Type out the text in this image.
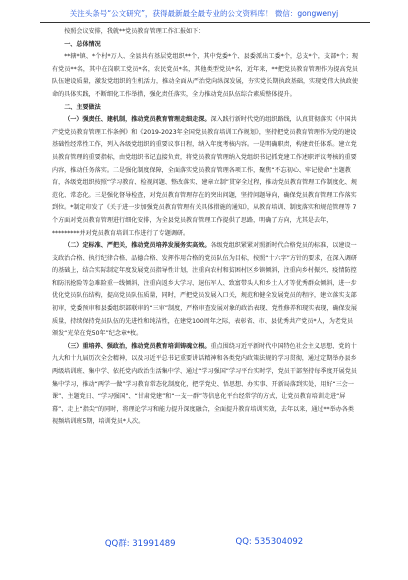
关注头条号“公文研究”，获得最新最全最专业的公文资料库！ 微信：gongwenyj

按照会议安排，我就**党员教育管理工作汇报如下：

一、总体情况

**辖*镇、*个村*万人、全县共有基层党组织**个，其中党委*个、县委派出工委*个，总支*个，支部*个；现有党员**名，其中在岗职工党员*名，农民党员*名，其他类型党员*名，近年来，**把党员教育管理作为提高党员队伍建设质量，激发党组织的生机活力，推动全面从严治党向纵深发展，夯实党长期执政基础，实现党伟大执政使命的具体实践，不断细化工作举措，强化责任落实，全力推动党员队伍综合素质整体提升。

二、主要做法

（一）强责任、建机制，推动党员教育管理走细走深。深入践行新时代党的组织路线，认真贯彻落实《中国共产党党员教育管理工作条例》和《2019-2023年全国党员教育培训工作规划》，坚持把党员教育管理作为党的建设基础性经常性工作，列入各级党组织的重要议事日程，纳入年度考核内容。一是明确职责，构建责任体系。建立党员教育管理的重要指标，由党组织书记直接负责，将党员教育管理纳入党组织书记抓党建工作述职评议考核的重要内容，推动任务落实。二是强化制度保障，全面落实党员教育管理各项工作，聚焦“不忘初心、牢记使命”主题教育，各级党组织按照“学习教育、检视问题、整改落实、建章立制”贯穿全过程，推动党员教育管理工作制度化、规范化、常态化。三是强化督导检查，对党员教育管理存在的突出问题，坚持问题导向，确保党员教育管理工作落实到位。*制定印发了《关于进一步加强党员教育管理有关具体措施的通知》，从教育培训、制度落实和规范管理等 7 个方面对党员教育管理进行细化安排，为全县党员教育管理工作提供了思路，明确了方向，尤其是去年，*********并对党员教育培训工作进行了专题调研。

（二）定标准、严把关，推动党员培养发展务实高效。各级党组织紧紧对照新时代合格党员的标准，以建设一支政治合格、执行纪律合格、品德合格、发挥作用合格的党员队伍为目标，按照“十六字”方针的要求，在深入调研的基础上，结合实际制定年度发展党员指导性计划，注重向农村和贫困村区乡镇倾斜，注重向乡村振兴、疫情防控和防汛抢险等急难险重一线倾斜，注重向返乡大学习、退伍军人、致富带头人和乡土人才等优秀群众倾斜，进一步优化党员队伍结构，提高党员队伍质量，同时，严把党员发展入口关，规范和健全发展党员的程序，建立落实支部初审，党委预审和县委组织部联审的“三审”制度，严格审查发展对象的政治表现、党性修养和现实表现，确保发展质量，持续保持党员队伍的先进性和纯洁性，在建党100周年之际，表彰省、市、县优秀共产党员*人，为老党员颁发“光荣在党50年”纪念章*枚。

（三）重培养、强政治，推动党员教育培训铸魂立根。重点围绕习近平新时代中国特色社会主义思想、党的十九大和十九届历次全会精神，以及习近平总书记重要讲话精神和各类党内政策法规的学习贯彻，通过定期举办县乡两级培训班、集中学、依托党内政治生活集中学、通过“学习强国”学习平台实时学，党员干部坚持每季度开展党员集中学习，推动“两学一做”学习教育常态化制度化，把学党史、悟思想、办实事、开新局落到实处，用好“三会一课”、主题党日、“学习强国”、“甘肃党建”和“一支一群”等信息化平台经常学的方式，让党员教育培训走进“屏幕”、走上“指尖”的同时，将理论学习和能力提升深度融合，全面提升教育培训实效，去年以来，通过**举办各类视频培训班5期，培训党员*人次。

QQ群: 31991489	QQ: 535304092
